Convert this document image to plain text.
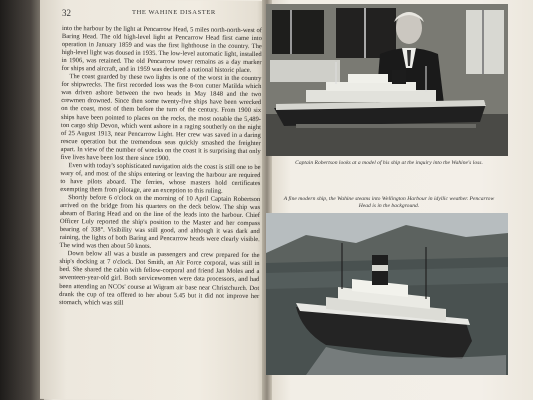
32	THE WAHINE DISASTER

into the harbour by the light at Pencarrow Head, 5 miles north-north-west of Baring Head. The old high-level light at Pencarrow Head first came into operation in January 1859 and was the first lighthouse in the country. The high-level light was doused in 1935. The low-level automatic light, installed in 1906, was retained. The old Pencarrow tower remains as a day marker for ships and aircraft, and in 1959 was declared a national historic place.

The coast guarded by these two lights is one of the worst in the country for shipwrecks. The first recorded loss was the 8-ton cutter Matilda which was driven ashore between the two heads in May 1848 and the two crewmen drowned. Since then some twenty-five ships have been wrecked on the coast, most of them before the turn of the century. From 1900 six ships have been pointed to places on the rocks, the most notable the 5,489-ton cargo ship Devon, which went ashore in a raging southerly on the night of 25 August 1913, near Pencarrow Light. Her crew was saved in a daring rescue operation but the tremendous seas quickly smashed the freighter apart. In view of the number of wrecks on the coast it is surprising that only five lives have been lost there since 1900.

Even with today's sophisticated navigation aids the coast is still one to be wary of, and most of the ships entering or leaving the harbour are required to have pilots aboard. The ferries, whose masters hold certificates exempting them from pilotage, are an exception to this ruling.

Shortly before 6 o'clock on the morning of 10 April Captain Robertson arrived on the bridge from his quarters on the deck below. The ship was abeam of Baring Head and on the line of the leads into the harbour. Chief Officer Luly reported the ship's position to the Master and her compass bearing of 338°. Visibility was still good, and although it was dark and raining, the lights of both Baring and Pencarrow heads were clearly visible. The wind was then about 50 knots.

Down below all was a bustle as passengers and crew prepared for the ship's docking at 7 o'clock. Dot Smith, an Air Force corporal, was still in bed. She shared the cabin with fellow-corporal and friend Jan Moles and a seventeen-year-old girl. Both servicewomen were data processors, and had been attending an NCOs' course at Wigram air base near Christchurch. Dot drank the cup of tea offered to her about 5.45 but it did not improve her stomach, which was still

Captain Robertson looks at a model of his ship at the inquiry into the Wahine's loss.
A fine modern ship, the Wahine steams into Wellington Harbour in idyllic weather. Pencarrow Head is in the background.
